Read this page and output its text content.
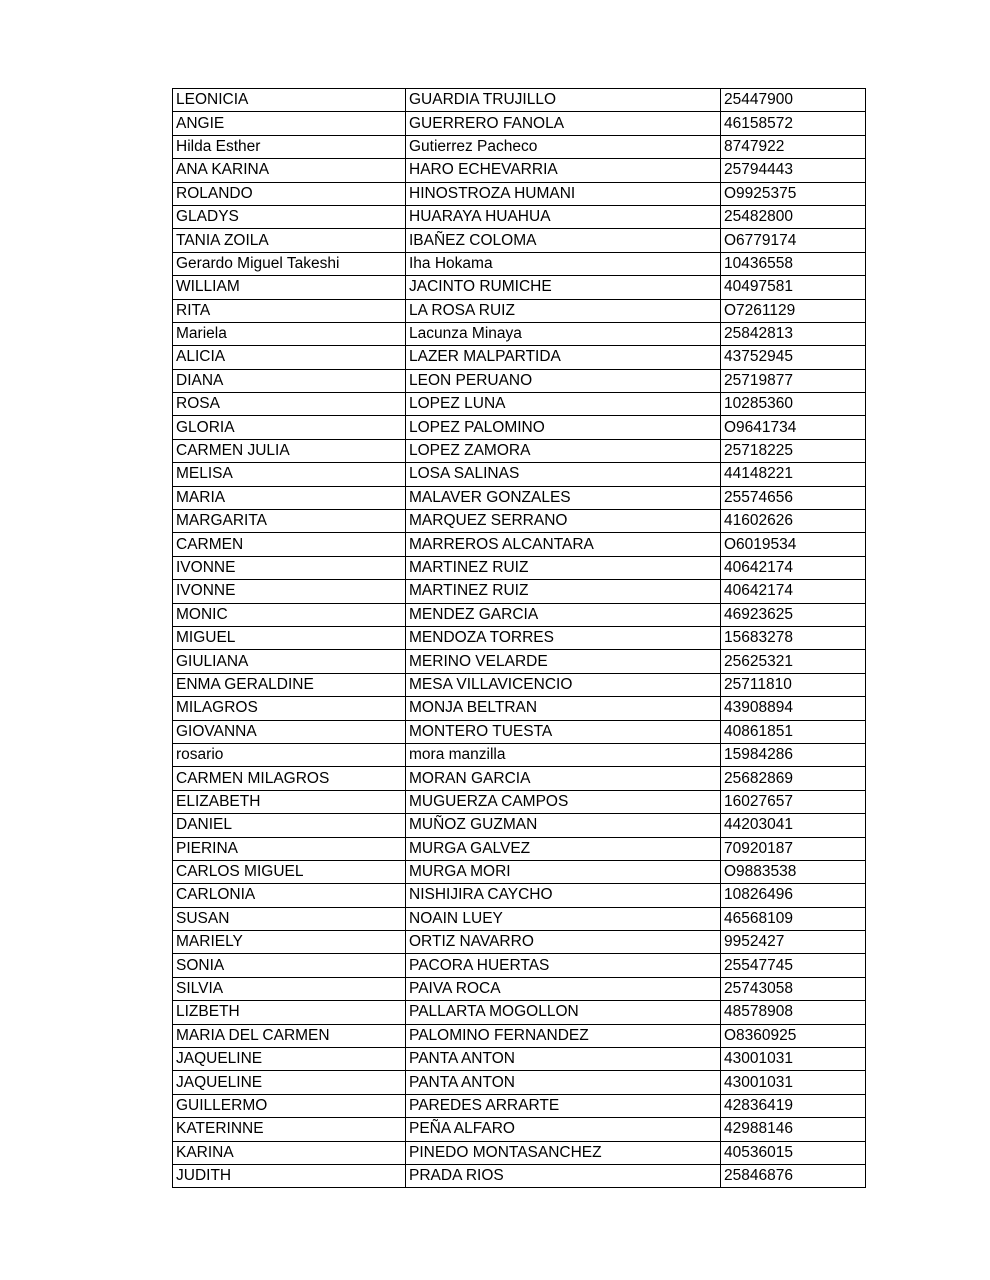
LEONICIA	GUARDIA TRUJILLO	25447900
ANGIE	GUERRERO FANOLA	46158572
Hilda Esther	Gutierrez Pacheco	8747922
ANA KARINA	HARO ECHEVARRIA	25794443
ROLANDO	HINOSTROZA HUMANI	O9925375
GLADYS	HUARAYA HUAHUA	25482800
TANIA ZOILA	IBAÑEZ COLOMA	O6779174
Gerardo Miguel Takeshi	Iha Hokama	10436558
WILLIAM	JACINTO RUMICHE	40497581
RITA	LA ROSA RUIZ	O7261129
Mariela	Lacunza Minaya	25842813
ALICIA	LAZER MALPARTIDA	43752945
DIANA	LEON PERUANO	25719877
ROSA	LOPEZ LUNA	10285360
GLORIA	LOPEZ PALOMINO	O9641734
CARMEN JULIA	LOPEZ ZAMORA	25718225
MELISA	LOSA SALINAS	44148221
MARIA	MALAVER GONZALES	25574656
MARGARITA	MARQUEZ SERRANO	41602626
CARMEN	MARREROS ALCANTARA	O6019534
IVONNE	MARTINEZ RUIZ	40642174
IVONNE	MARTINEZ RUIZ	40642174
MONIC	MENDEZ GARCIA	46923625
MIGUEL	MENDOZA TORRES	15683278
GIULIANA	MERINO VELARDE	25625321
ENMA GERALDINE	MESA VILLAVICENCIO	25711810
MILAGROS	MONJA BELTRAN	43908894
GIOVANNA	MONTERO TUESTA	40861851
rosario	mora manzilla	15984286
CARMEN MILAGROS	MORAN GARCIA	25682869
ELIZABETH	MUGUERZA CAMPOS	16027657
DANIEL	MUÑOZ GUZMAN	44203041
PIERINA	MURGA GALVEZ	70920187
CARLOS MIGUEL	MURGA MORI	O9883538
CARLONIA	NISHIJIRA CAYCHO	10826496
SUSAN	NOAIN LUEY	46568109
MARIELY	ORTIZ NAVARRO	9952427
SONIA	PACORA HUERTAS	25547745
SILVIA	PAIVA ROCA	25743058
LIZBETH	PALLARTA MOGOLLON	48578908
MARIA DEL CARMEN	PALOMINO FERNANDEZ	O8360925
JAQUELINE	PANTA ANTON	43001031
JAQUELINE	PANTA ANTON	43001031
GUILLERMO	PAREDES ARRARTE	42836419
KATERINNE	PEÑA ALFARO	42988146
KARINA	PINEDO MONTASANCHEZ	40536015
JUDITH	PRADA RIOS	25846876
